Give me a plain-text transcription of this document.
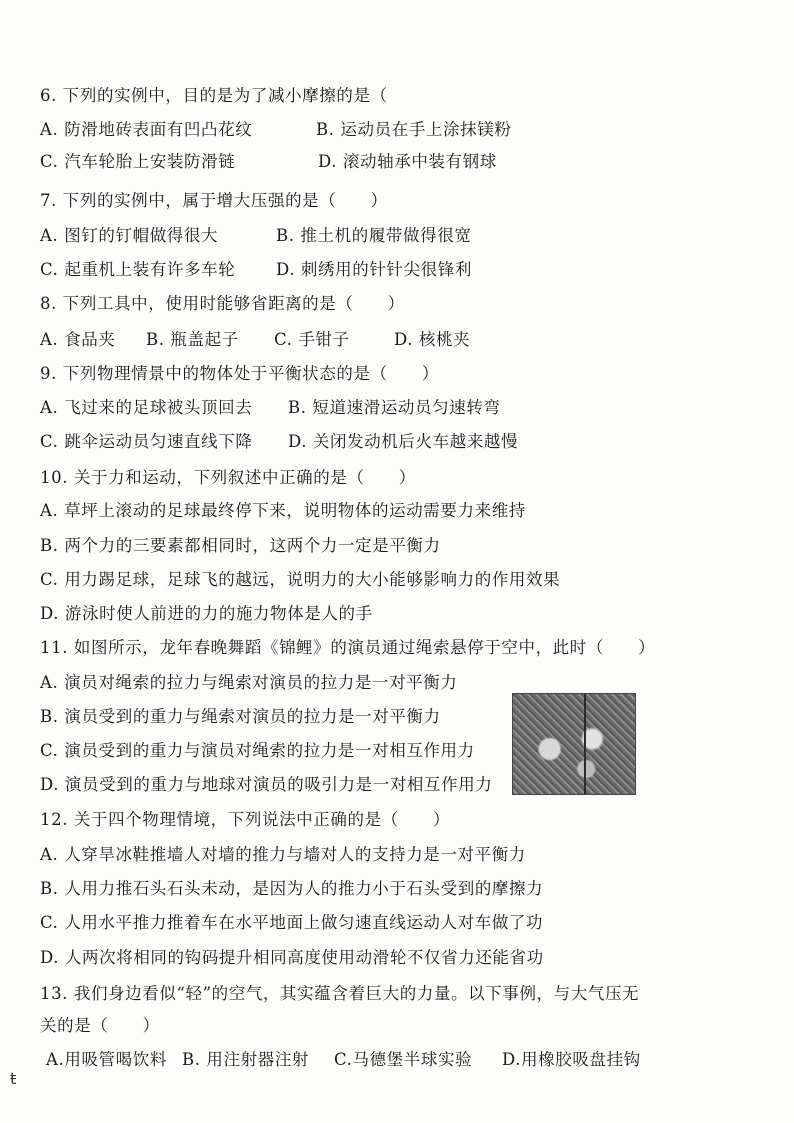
6. 下列的实例中，目的是为了减小摩擦的是（
A. 防滑地砖表面有凹凸花纹	B. 运动员在手上涂抹镁粉
C. 汽车轮胎上安装防滑链	D. 滚动轴承中装有钢球
7. 下列的实例中，属于增大压强的是（　　）
A. 图钉的钉帽做得很大	B. 推土机的履带做得很宽
C. 起重机上装有许多车轮 D. 刺绣用的针针尖很锋利
8. 下列工具中，使用时能够省距离的是（　　）
A. 食品夹 B. 瓶盖起子 C. 手钳子	D. 核桃夹
9. 下列物理情景中的物体处于平衡状态的是（　　）
A. 飞过来的足球被头顶回去 B. 短道速滑运动员匀速转弯
C. 跳伞运动员匀速直线下降 D. 关闭发动机后火车越来越慢
10. 关于力和运动，下列叙述中正确的是（　　）
A. 草坪上滚动的足球最终停下来，说明物体的运动需要力来维持
B. 两个力的三要素都相同时，这两个力一定是平衡力
C. 用力踢足球，足球飞的越远，说明力的大小能够影响力的作用效果
D. 游泳时使人前进的力的施力物体是人的手
11. 如图所示，龙年春晚舞蹈《锦鲤》的演员通过绳索悬停于空中，此时（　　）
A. 演员对绳索的拉力与绳索对演员的拉力是一对平衡力
B. 演员受到的重力与绳索对演员的拉力是一对平衡力
C. 演员受到的重力与演员对绳索的拉力是一对相互作用力
D. 演员受到的重力与地球对演员的吸引力是一对相互作用力
12. 关于四个物理情境，下列说法中正确的是（　　）
A. 人穿旱冰鞋推墙人对墙的推力与墙对人的支持力是一对平衡力
B. 人用力推石头石头未动，是因为人的推力小于石头受到的摩擦力
C. 人用水平推力推着车在水平地面上做匀速直线运动人对车做了功
D. 人两次将相同的钩码提升相同高度使用动滑轮不仅省力还能省功
13. 我们身边看似“轻”的空气，其实蕴含着巨大的力量。以下事例，与大气压无
关的是（　　）
A.用吸管喝饮料 B. 用注射器注射 C.马德堡半球实验 D.用橡胶吸盘挂钩
ŧ
